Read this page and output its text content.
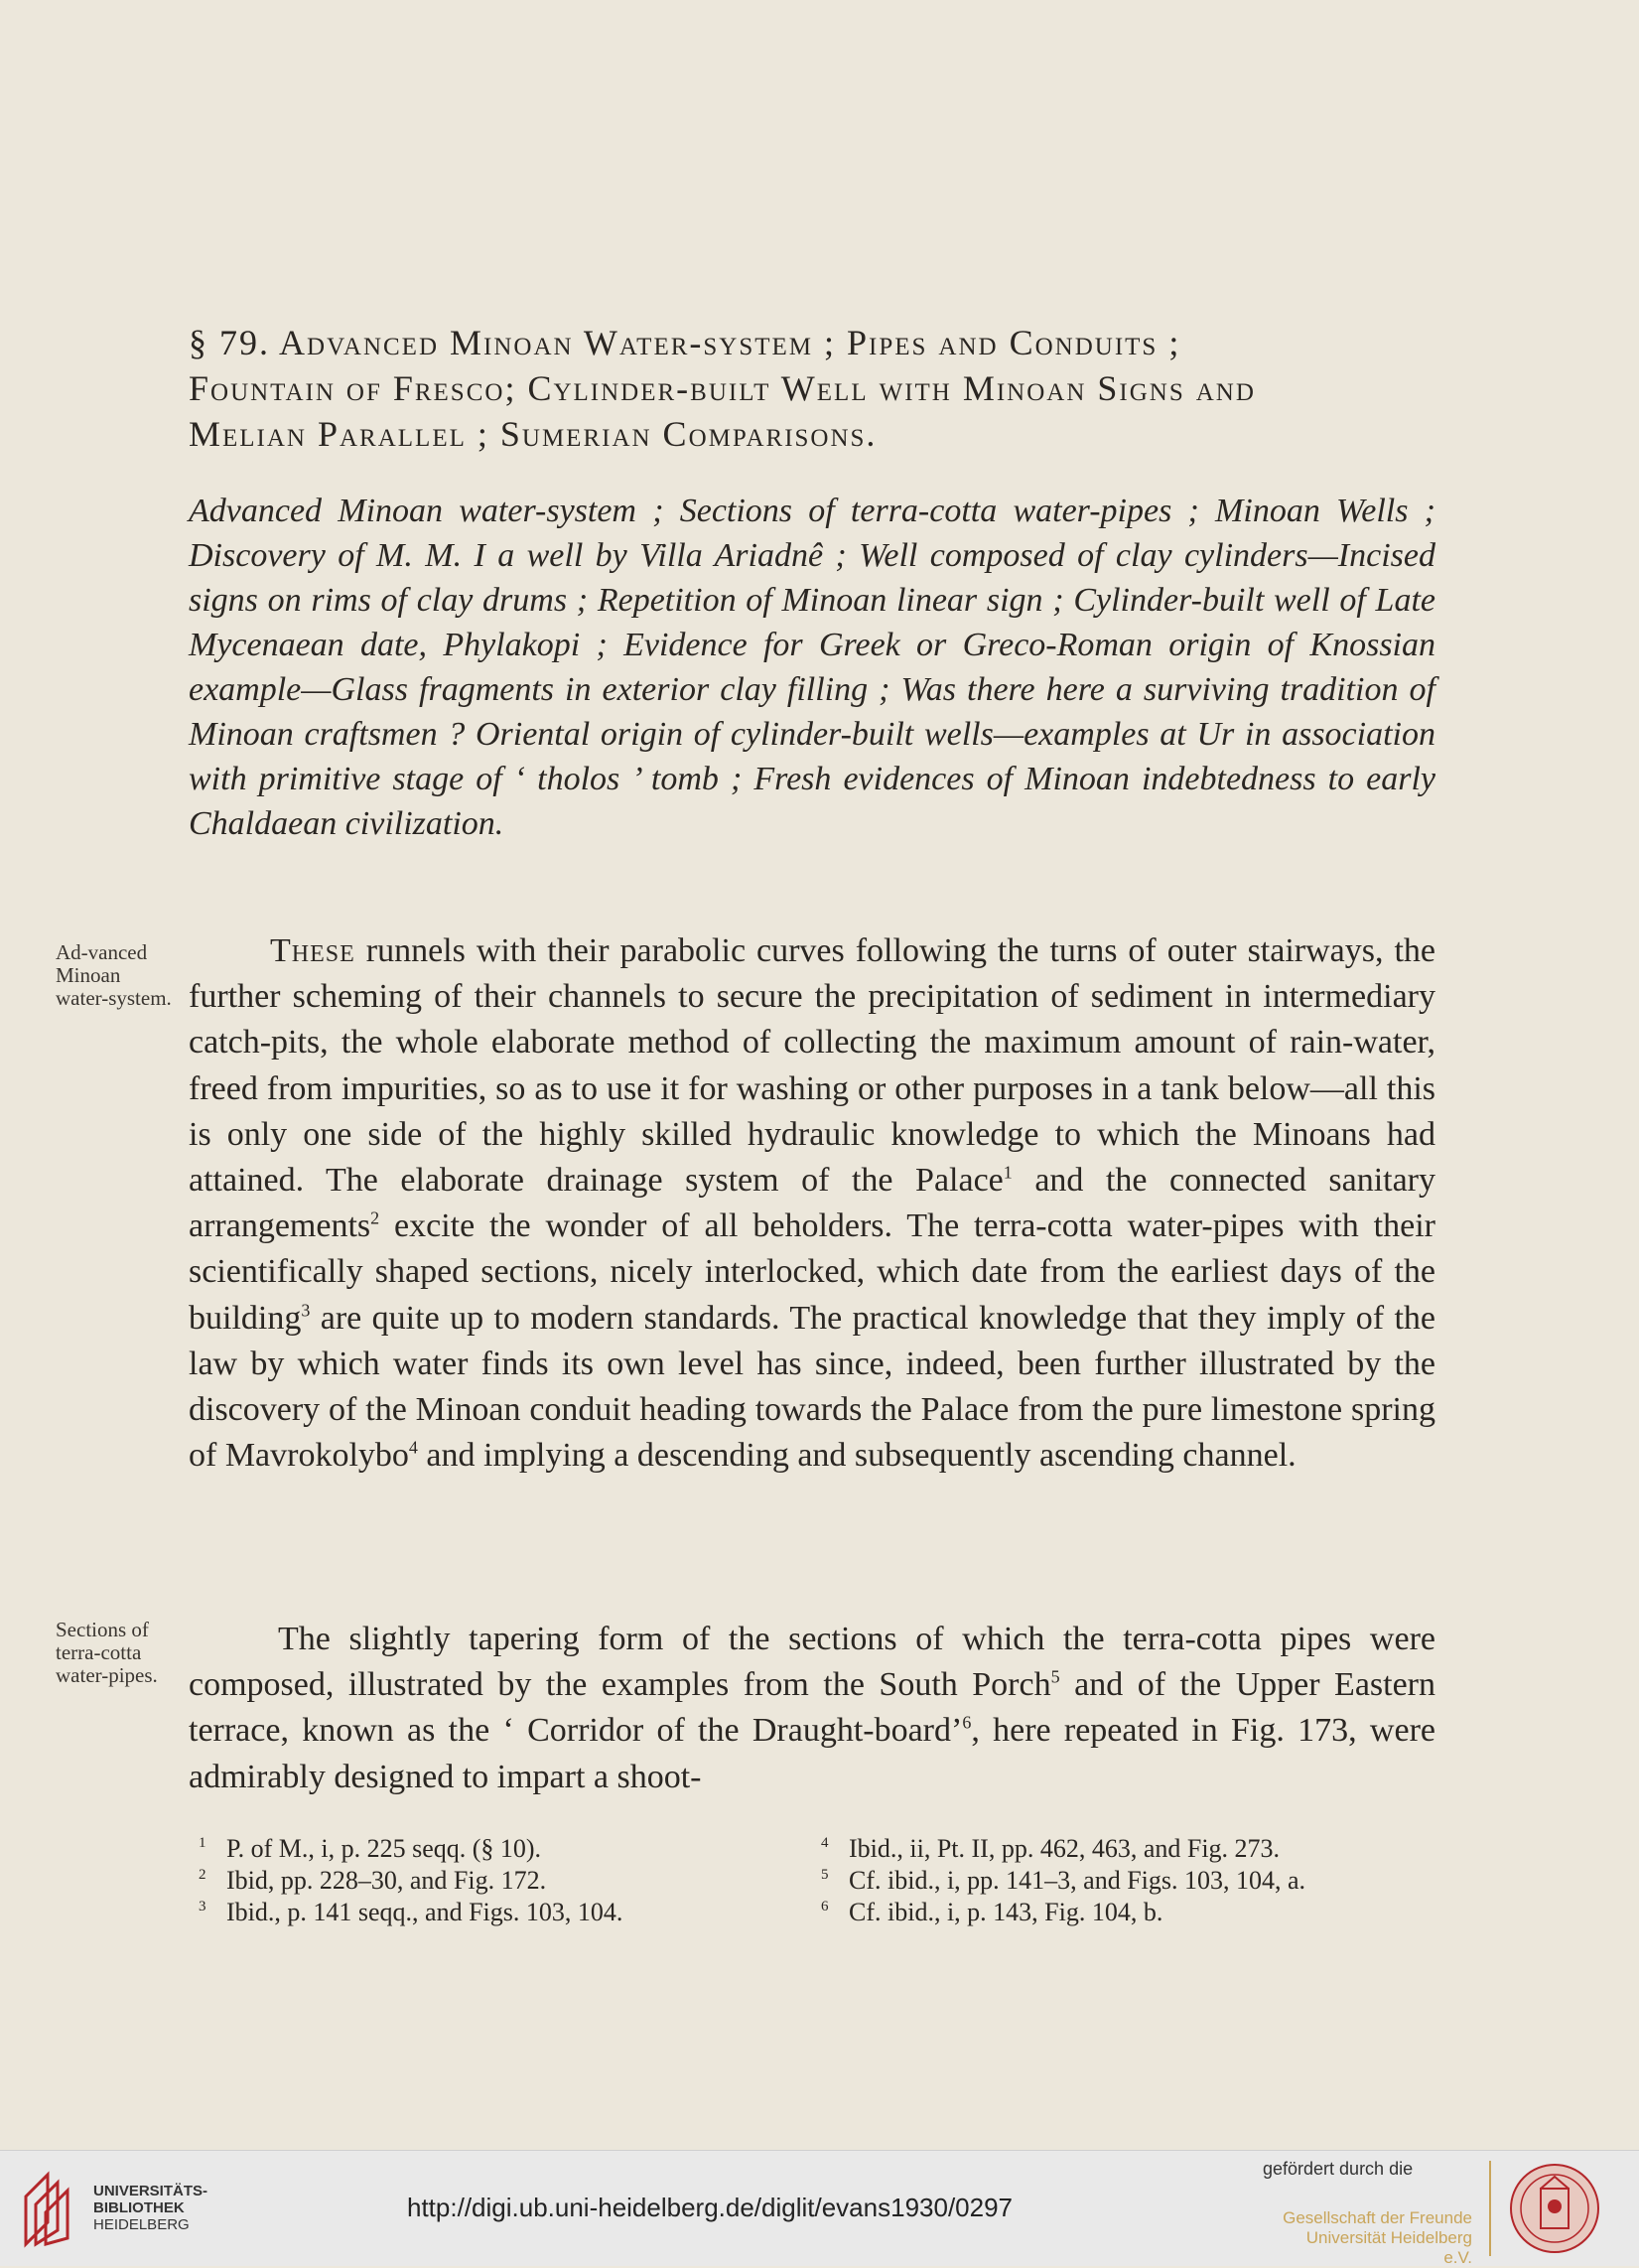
§ 79. Advanced Minoan Water-system ; Pipes and Conduits ;

Fountain of Fresco; Cylinder-built Well with Minoan Signs and

Melian Parallel ; Sumerian Comparisons.

Advanced Minoan water-system ; Sections of terra-cotta water-pipes ; Minoan Wells ; Discovery of M. M. I a well by Villa Ariadnê ; Well composed of clay cylinders—Incised signs on rims of clay drums ; Repetition of Minoan linear sign ; Cylinder-built well of Late Mycenaean date, Phylakopi ; Evidence for Greek or Greco-Roman origin of Knossian example—Glass fragments in exterior clay filling ; Was there here a surviving tradition of Minoan craftsmen ? Oriental origin of cylinder-built wells—examples at Ur in association with primitive stage of ‘ tholos ’ tomb ; Fresh evidences of Minoan indebtedness to early Chaldaean civilization.

Ad-vanced Minoan water-system.

These runnels with their parabolic curves following the turns of outer stairways, the further scheming of their channels to secure the precipitation of sediment in intermediary catch-pits, the whole elaborate method of collecting the maximum amount of rain-water, freed from impurities, so as to use it for washing or other purposes in a tank below—all this is only one side of the highly skilled hydraulic knowledge to which the Minoans had attained. The elaborate drainage system of the Palace$^1$ and the connected sanitary arrangements$^2$ excite the wonder of all beholders. The terra-cotta water-pipes with their scientifically shaped sections, nicely interlocked, which date from the earliest days of the building$^3$ are quite up to modern standards. The practical knowledge that they imply of the law by which water finds its own level has since, indeed, been further illustrated by the discovery of the Minoan conduit heading towards the Palace from the pure limestone spring of Mavrokolybo$^4$ and implying a descending and subsequently ascending channel.

Sections of terra-cotta water-pipes.

The slightly tapering form of the sections of which the terra-cotta pipes were composed, illustrated by the examples from the South Porch$^5$ and of the Upper Eastern terrace, known as the ‘ Corridor of the Draught-board’$^6$, here repeated in Fig. 173, were admirably designed to impart a shoot-

1 P. of M., i, p. 225 seqq. (§ 10).
2 Ibid, pp. 228–30, and Fig. 172.
3 Ibid., p. 141 seqq., and Figs. 103, 104.
4 Ibid., ii, Pt. II, pp. 462, 463, and Fig. 273.
5 Cf. ibid., i, pp. 141–3, and Figs. 103, 104, a.
6 Cf. ibid., i, p. 143, Fig. 104, b.
UNIVERSITÄTS-
BIBLIOTHEK
HEIDELBERG
http://digi.ub.uni-heidelberg.de/diglit/evans1930/0297
gefördert durch die
Gesellschaft der Freunde
Universität Heidelberg e.V.
